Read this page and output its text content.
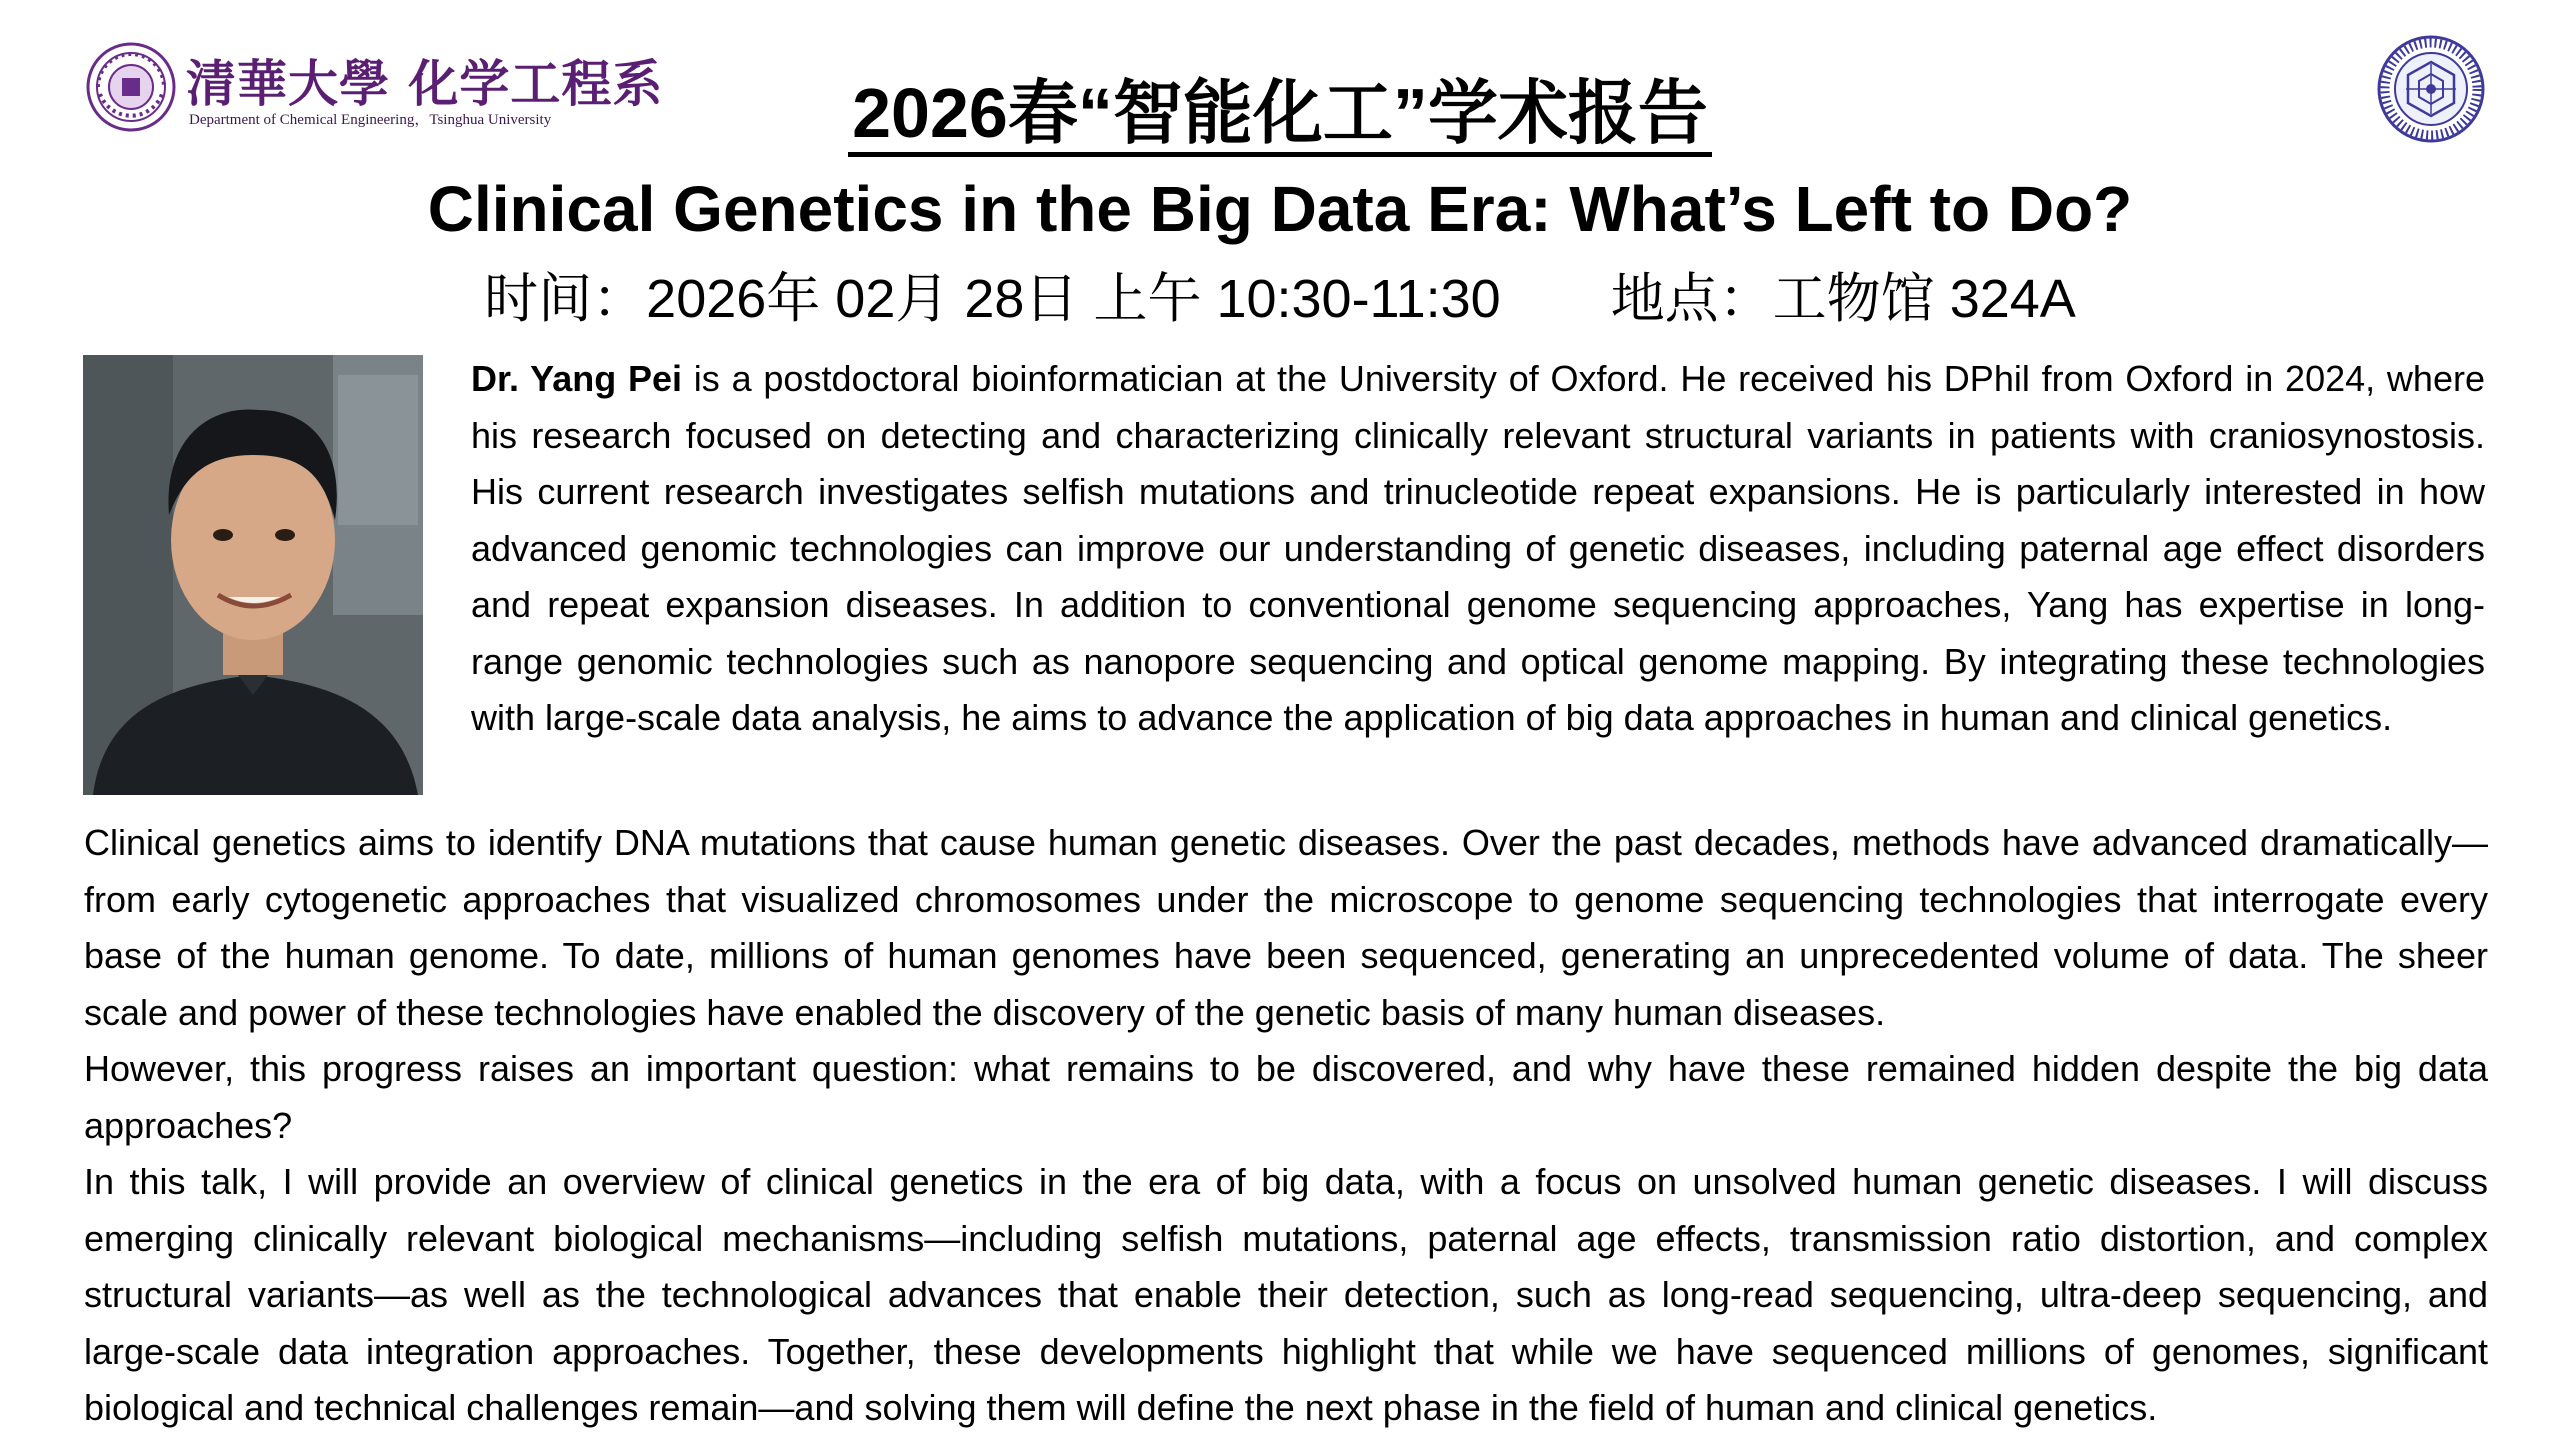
清華大學 化学工程系
Department of Chemical Engineering，Tsinghua University	2026春“智能化工”学术报告
Clinical Genetics in the Big Data Era: What’s Left to Do?
时间：2026年 02月 28日 上午 10:30-11:30 地点：工物馆 324A

Dr. Yang Pei is a postdoctoral bioinformatician at the University of Oxford. He received his DPhil from Oxford in 2024, where his research focused on detecting and characterizing clinically relevant structural variants in patients with craniosynostosis. His current research investigates selfish mutations and trinucleotide repeat expansions. He is particularly interested in how advanced genomic technologies can improve our understanding of genetic diseases, including paternal age effect disorders and repeat expansion diseases. In addition to conventional genome sequencing approaches, Yang has expertise in long-range genomic technologies such as nanopore sequencing and optical genome mapping. By integrating these technologies with large-scale data analysis, he aims to advance the application of big data approaches in human and clinical genetics.

Clinical genetics aims to identify DNA mutations that cause human genetic diseases. Over the past decades, methods have advanced dramatically—from early cytogenetic approaches that visualized chromosomes under the microscope to genome sequencing technologies that interrogate every base of the human genome. To date, millions of human genomes have been sequenced, generating an unprecedented volume of data. The sheer scale and power of these technologies have enabled the discovery of the genetic basis of many human diseases.

However, this progress raises an important question: what remains to be discovered, and why have these remained hidden despite the big data approaches?

In this talk, I will provide an overview of clinical genetics in the era of big data, with a focus on unsolved human genetic diseases. I will discuss emerging clinically relevant biological mechanisms—including selfish mutations, paternal age effects, transmission ratio distortion, and complex structural variants—as well as the technological advances that enable their detection, such as long-read sequencing, ultra-deep sequencing, and large-scale data integration approaches. Together, these developments highlight that while we have sequenced millions of genomes, significant biological and technical challenges remain—and solving them will define the next phase in the field of human and clinical genetics.
